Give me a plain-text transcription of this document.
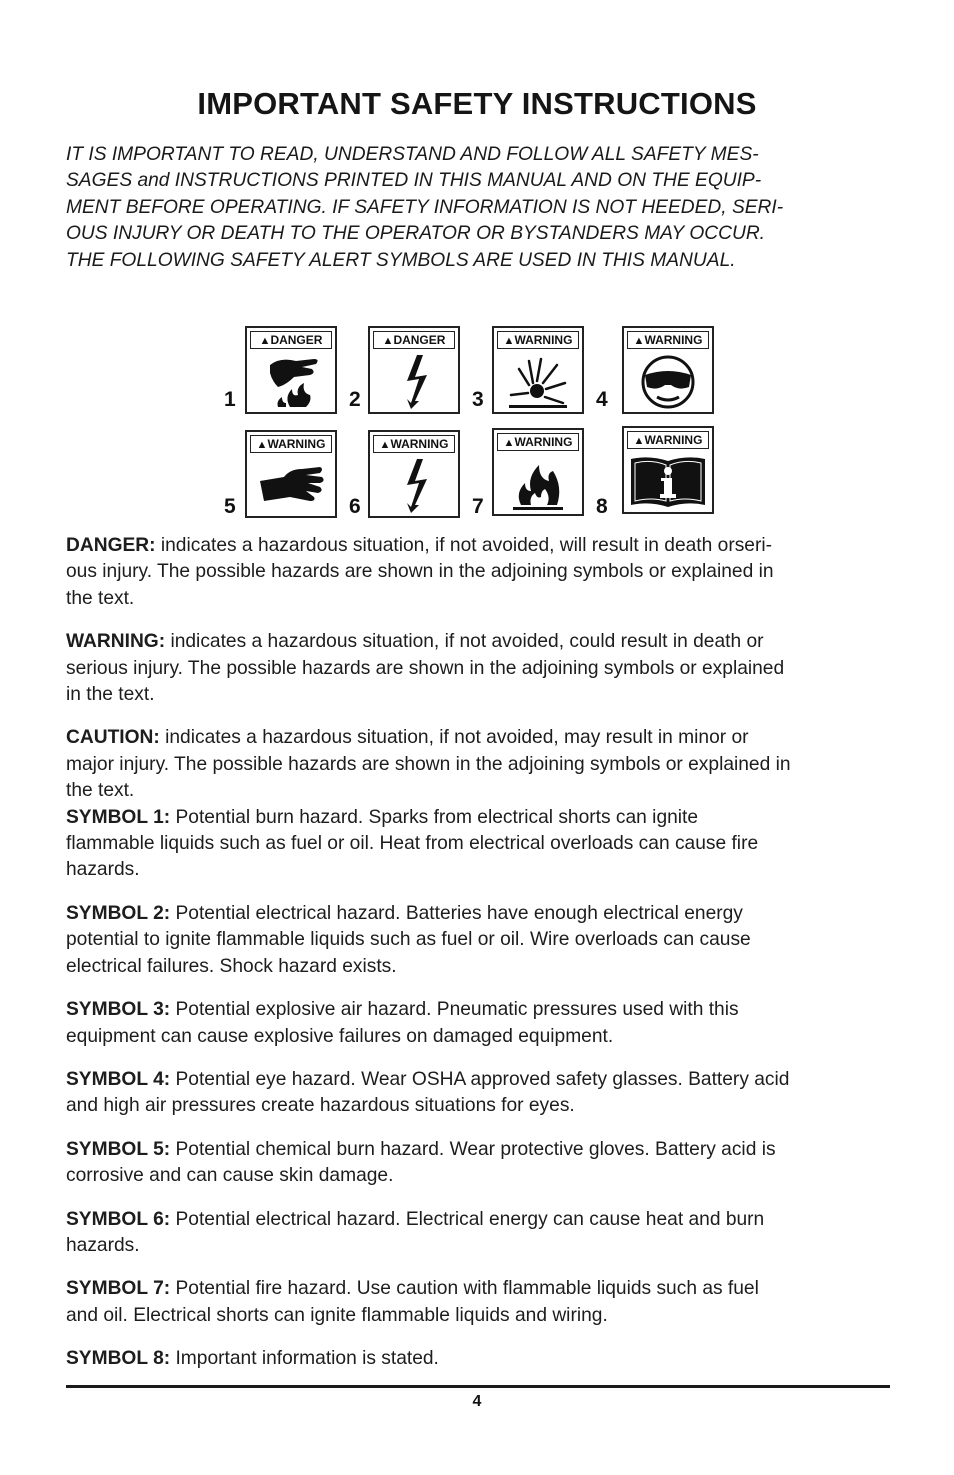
IMPORTANT SAFETY INSTRUCTIONS
IT IS IMPORTANT TO READ, UNDERSTAND AND FOLLOW ALL SAFETY MES-
SAGES and INSTRUCTIONS PRINTED IN THIS MANUAL AND ON THE EQUIP-
MENT BEFORE OPERATING. IF SAFETY INFORMATION IS NOT HEEDED, SERI-
OUS INJURY OR DEATH TO THE OPERATOR OR BYSTANDERS MAY OCCUR.
THE FOLLOWING SAFETY ALERT SYMBOLS ARE USED IN THIS MANUAL.
1
▲DANGER
2
▲DANGER
3
▲WARNING
4
▲WARNING
5
▲WARNING
6
▲WARNING
7
▲WARNING
8
▲WARNING
DANGER: indicates a hazardous situation, if not avoided, will result in death orseri-
ous injury. The possible hazards are shown in the adjoining symbols or explained in
the text.
WARNING: indicates a hazardous situation, if not avoided, could result in death or
serious injury. The possible hazards are shown in the adjoining symbols or explained
in the text.
CAUTION: indicates a hazardous situation, if not avoided, may result in minor or
major injury. The possible hazards are shown in the adjoining symbols or explained in
the text.
SYMBOL 1: Potential burn hazard. Sparks from electrical shorts can ignite
flammable liquids such as fuel or oil. Heat from electrical overloads can cause fire
hazards.
SYMBOL 2: Potential electrical hazard. Batteries have enough electrical energy
potential to ignite flammable liquids such as fuel or oil. Wire overloads can cause
electrical failures. Shock hazard exists.
SYMBOL 3: Potential explosive air hazard. Pneumatic pressures used with this
equipment can cause explosive failures on damaged equipment.
SYMBOL 4: Potential eye hazard. Wear OSHA approved safety glasses. Battery acid
and high air pressures create hazardous situations for eyes.
SYMBOL 5: Potential chemical burn hazard. Wear protective gloves. Battery acid is
corrosive and can cause skin damage.
SYMBOL 6: Potential electrical hazard. Electrical energy can cause heat and burn
hazards.
SYMBOL 7: Potential fire hazard. Use caution with flammable liquids such as fuel
and oil. Electrical shorts can ignite flammable liquids and wiring.
SYMBOL 8: Important information is stated.
4
